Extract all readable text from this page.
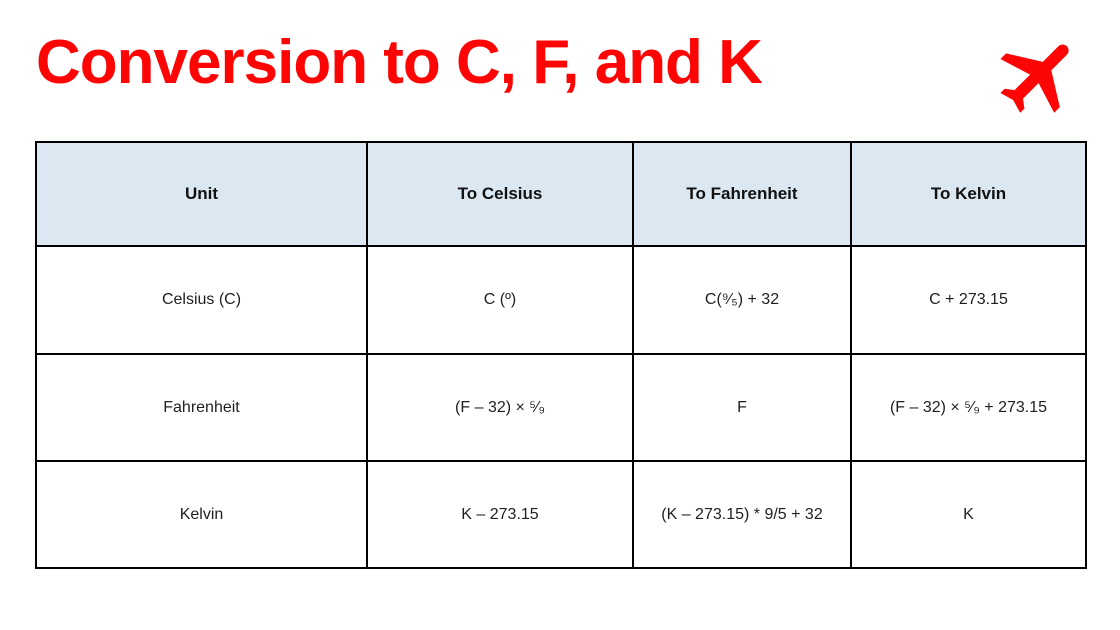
Conversion to C, F, and K
Unit	To Celsius	To Fahrenheit	To Kelvin
Celsius (C)	C (º)	C(⁹⁄₅) + 32	C + 273.15
Fahrenheit	(F – 32) × ⁵⁄₉	F	(F – 32) × ⁵⁄₉ + 273.15
Kelvin	K – 273.15	(K – 273.15) * 9/5 + 32	K
